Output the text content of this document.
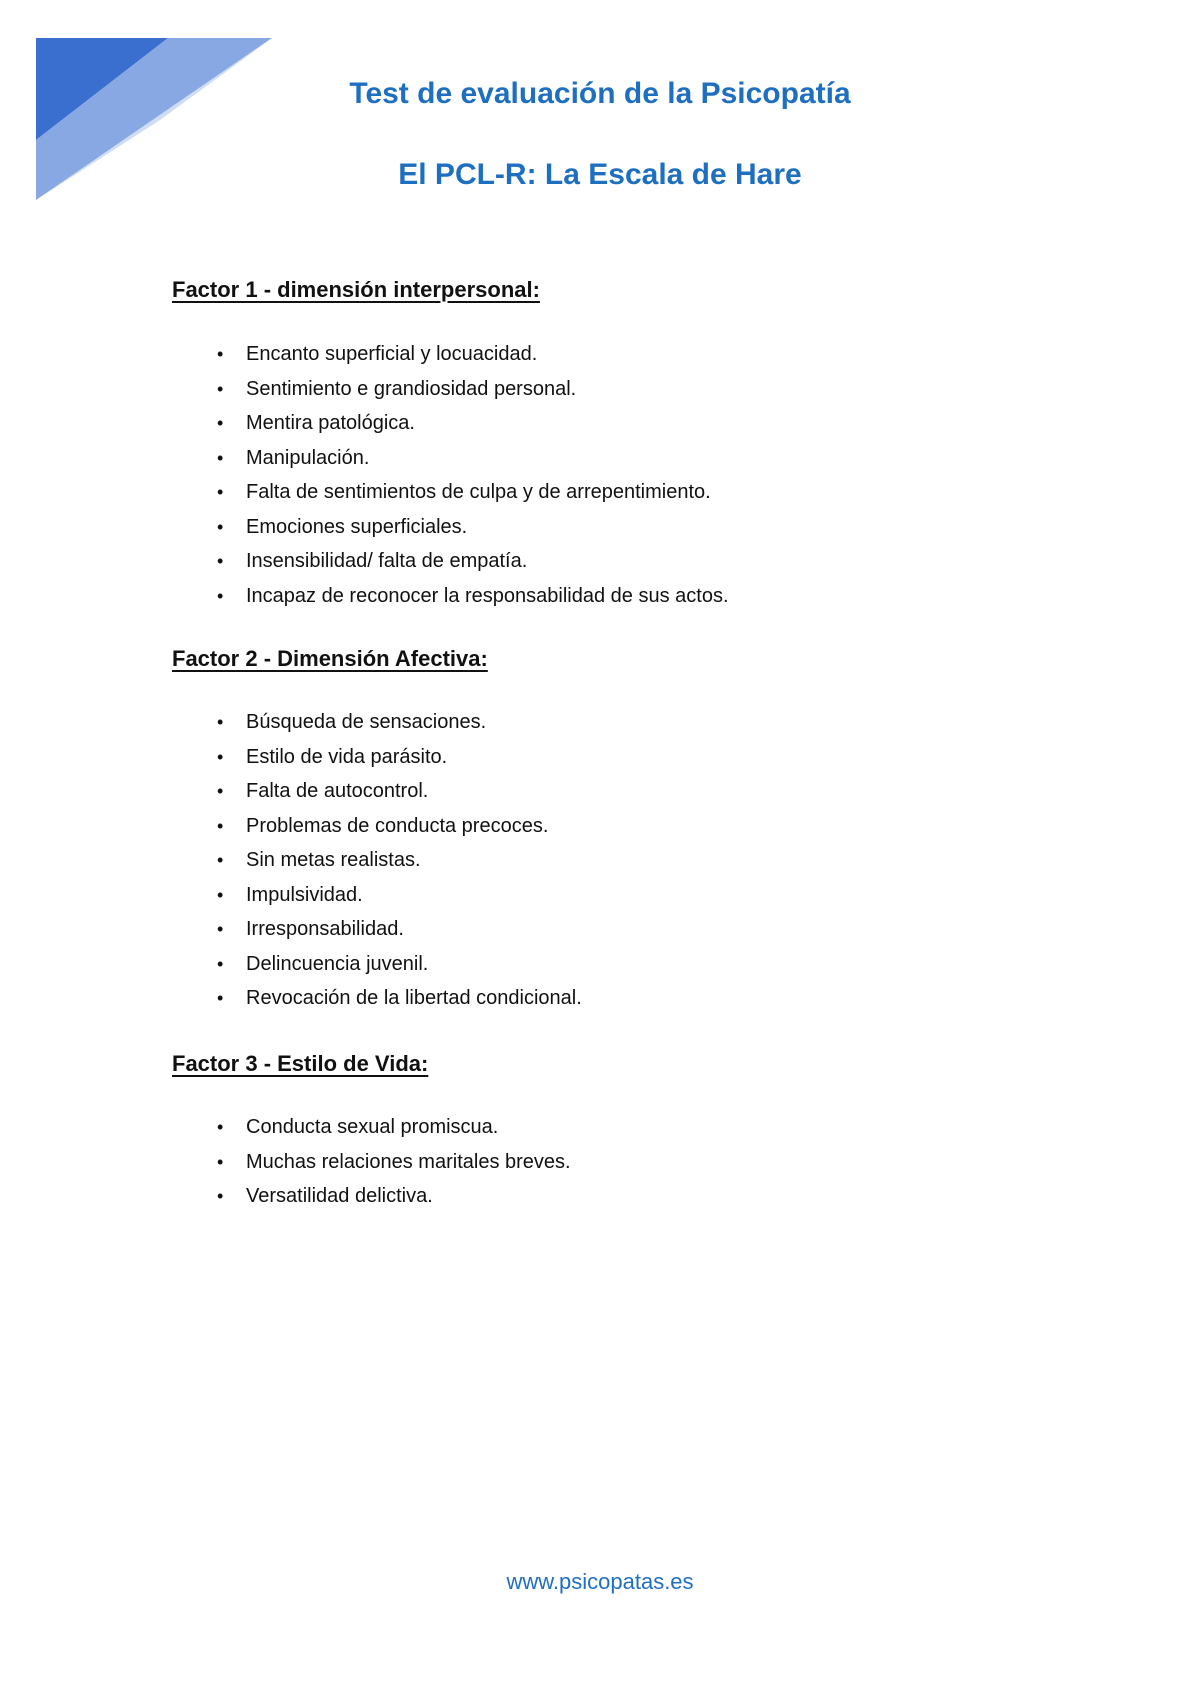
Test de evaluación de la Psicopatía
El PCL-R: La Escala de Hare
Factor 1 - dimensión interpersonal:
• Encanto superficial y locuacidad.
• Sentimiento e grandiosidad personal.
• Mentira patológica.
• Manipulación.
• Falta de sentimientos de culpa y de arrepentimiento.
• Emociones superficiales.
• Insensibilidad/ falta de empatía.
• Incapaz de reconocer la responsabilidad de sus actos.
Factor 2 - Dimensión Afectiva:
• Búsqueda de sensaciones.
• Estilo de vida parásito.
• Falta de autocontrol.
• Problemas de conducta precoces.
• Sin metas realistas.
• Impulsividad.
• Irresponsabilidad.
• Delincuencia juvenil.
• Revocación de la libertad condicional.
Factor 3 - Estilo de Vida:
• Conducta sexual promiscua.
• Muchas relaciones maritales breves.
• Versatilidad delictiva.
www.psicopatas.es
